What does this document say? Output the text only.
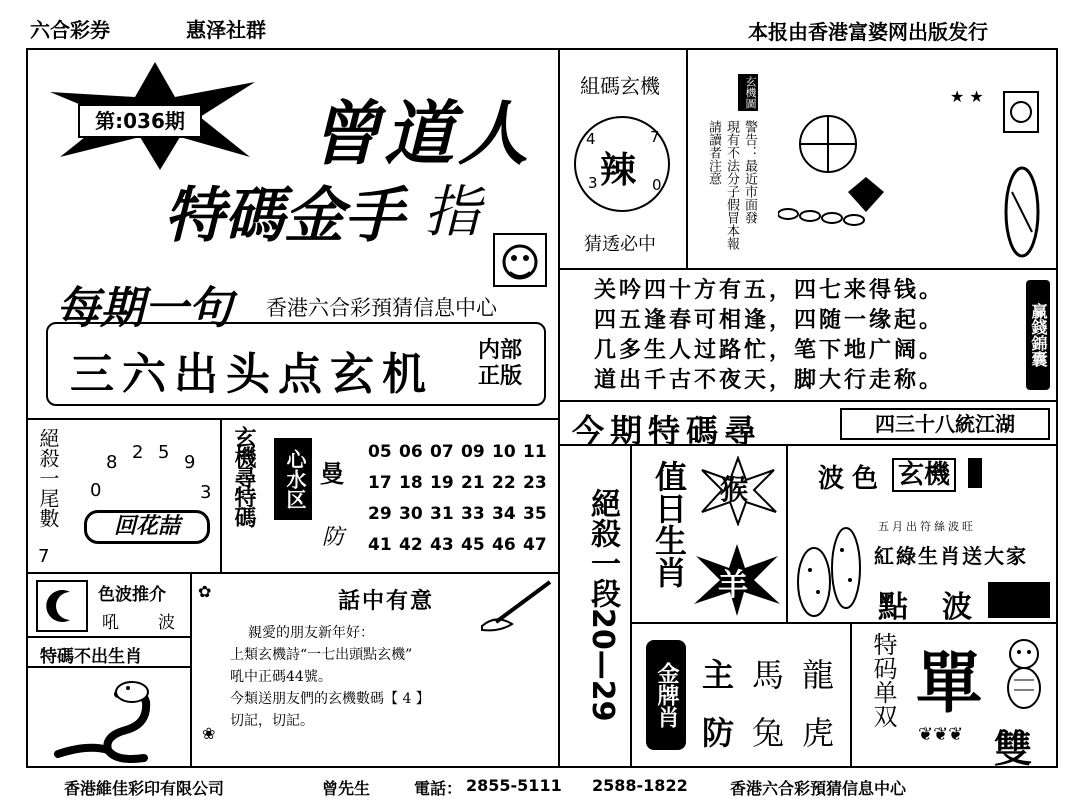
六合彩券	惠泽社群	本报由香港富婆网出版发行
第:036期 曾道人
特碼金手 指
每期一句 香港六合彩預猜信息中心
三六出头点玄机 内部正版
組碼玄機
辣
4	7
3	0
猜透必中
玄機圖
警告：最近市面發
現有不法分子假冒本報
請讀者注意
★ ★
关吟四十方有五，四七来得钱。
四五逢春可相逢，四随一缘起。
几多生人过路忙，笔下地广阔。
道出千古不夜天，脚大行走称。
赢錢錦囊
今期特碼尋	四三十八統江湖
絕殺一尾數
7
0
8 2 5 9
3
回花喆
玄機尋特碼	心水区 曼
防
05 06 07 09 10 11
17 18 19 21 22 23
29 30 31 33 34 35
41 42 43 45 46 47 絕殺一段20—29
值日生肖 猴
羊
波色 玄機
五月出符絲波旺
紅綠生肖送大家
點 波
金牌肖 主 馬 龍
防 兔 虎
特码单双 單
❦❦❦ 雙
色波推介
吼 波
特碼不出生肖
話中有意
✿
❀
親愛的朋友新年好：
上類玄機詩“一七出頭點玄機”
吼中正碼44號。
今類送朋友們的玄機數碼【 4 】
切記，切記。
香港維佳彩印有限公司	曾先生	電話： 2855-5111 2588-1822	香港六合彩預猜信息中心
